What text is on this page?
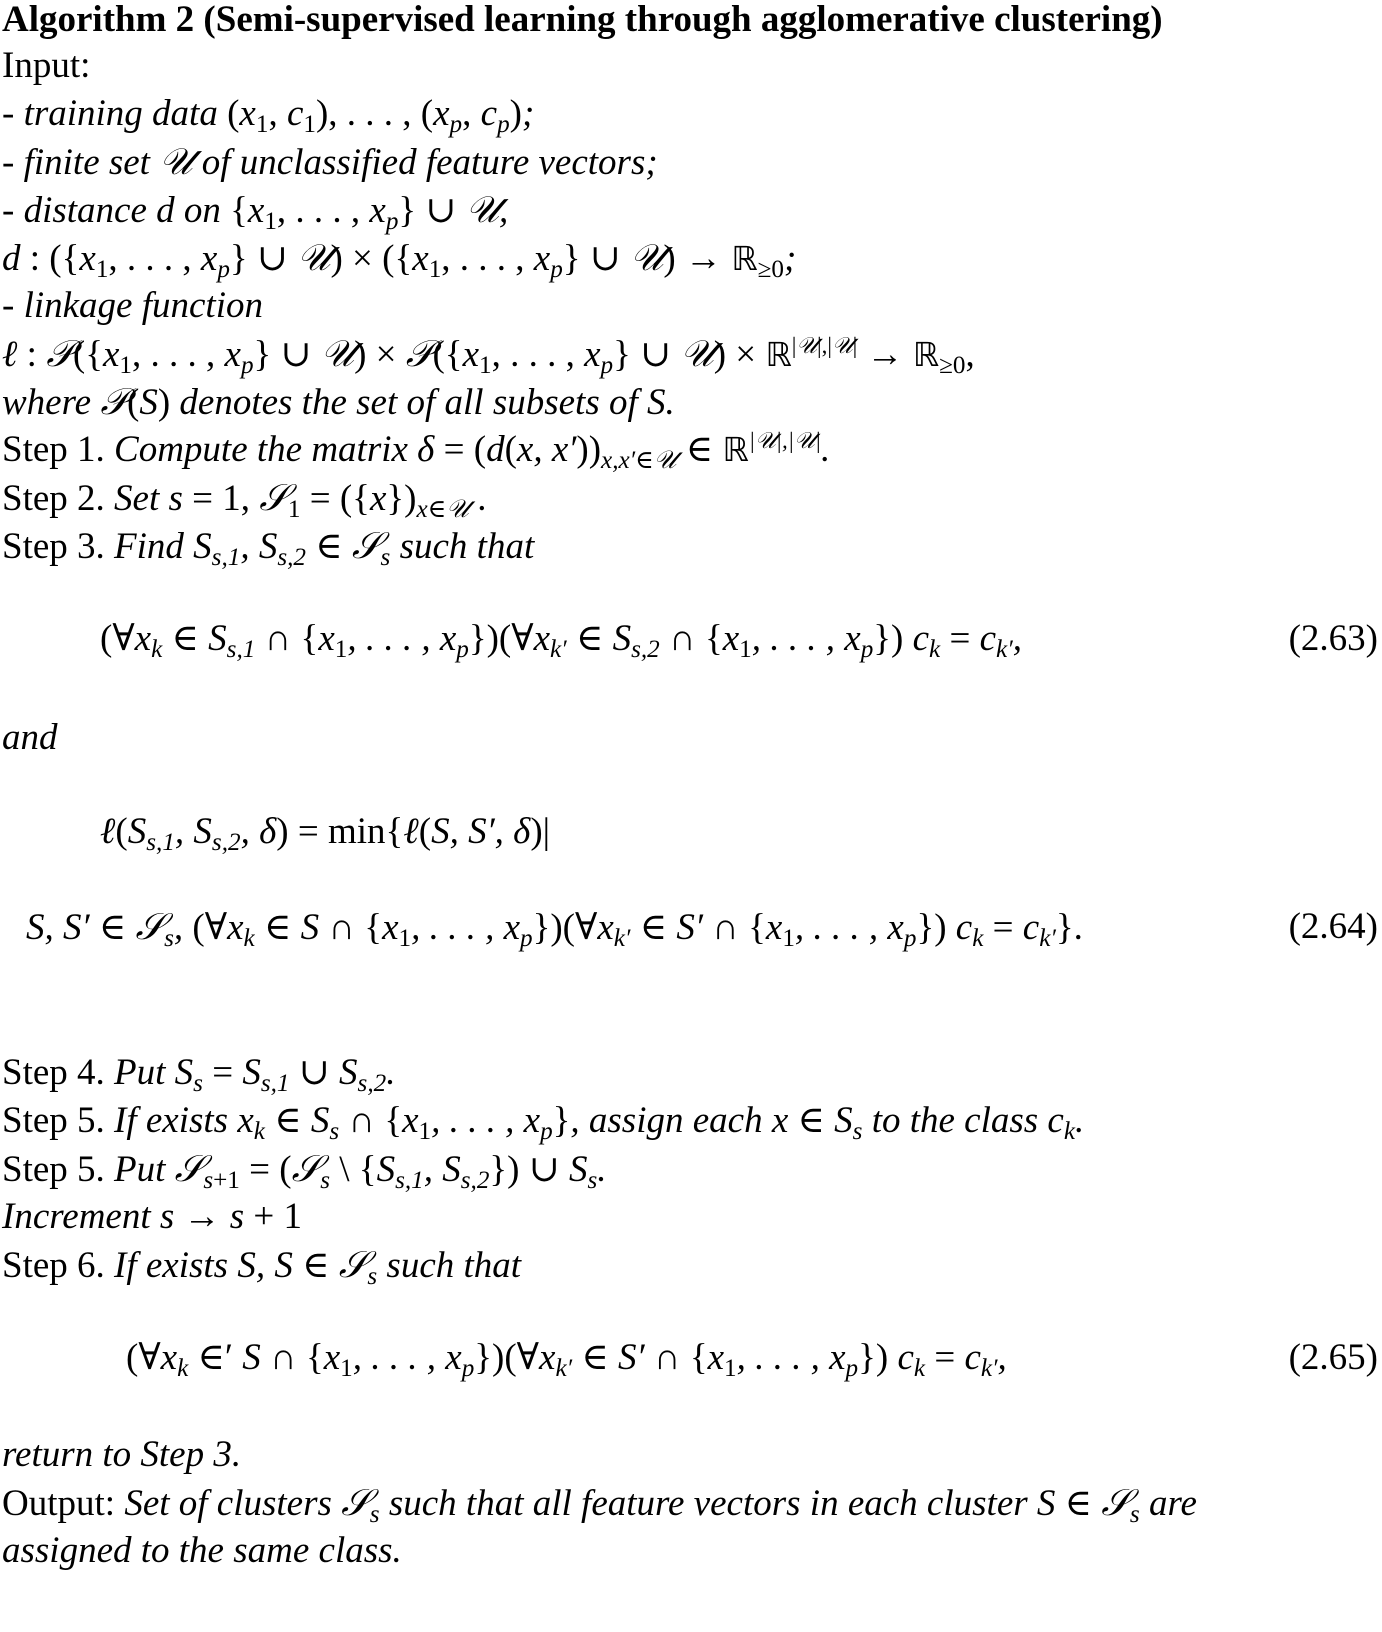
Algorithm 2 (Semi-supervised learning through agglomerative clustering)
Input:
- training data ($x_1$, $c_1$), . . . , ($x_p$, $c_p$);
- finite set 𝒰 of unclassified feature vectors;
- distance d on {$x_1$, . . . , $x_p$} ∪ 𝒰,
d : ({$x_1$, . . . , $x_p$} ∪ 𝒰) × ({$x_1$, . . . , $x_p$} ∪ 𝒰) → ℝ$_{\ge 0}$;
- linkage function
ℓ : $𝒫(\{x_1$, . . . , $x_p$} ∪ 𝒰) × $𝒫(\{x_1$, . . . , $x_p$} ∪ 𝒰) × ℝ$^{|𝒰|,|𝒰|}$ → ℝ$_{\ge 0}$,
where 𝒫(S) denotes the set of all subsets of S.
Step 1. Compute the matrix δ = (d(x, $x'))_{x,x'\in 𝒰}$ ∈ ℝ$^{|𝒰|,|𝒰|}$.
Step 2. Set s = 1, 𝒮$_1$ = $(\{x\})_{x\in 𝒰}$ .
Step 3. Find $S_{s,1}$, $S_{s,2}$ ∈ 𝒮$_s$ such that
($\forall x_k$ ∈ $S_{s,1}$ ∩ {$x_1$, . . . , $x_p\})(\forall x_{k'}$ ∈ $S_{s,2}$ ∩ {$x_1$, . . . , $x_p$}) $c_k = c_{k'}$,	(2.63)
and
$\ell(S_{s,1}$, $S_{s,2}$, δ) = min{ℓ(S, S′, δ)|
S, S′ ∈ 𝒮$_s$, ($\forall x_k$ ∈ S ∩ {$x_1$, . . . , $x_p\})(\forall x_{k'}$ ∈ S′ ∩ {$x_1$, . . . , $x_p$}) $c_k = c_{k'}$}.	(2.64)
Step 4. Put $S_s = S_{s,1}$ ∪ $S_{s,2}$.
Step 5. If exists $x_k$ ∈ $S_s$ ∩ {$x_1$, . . . , $x_p$}, assign each x ∈ $S_s$ to the class $c_k$.
Step 5. Put 𝒮$_{s+1}$ = (𝒮$_s$ \ {$S_{s,1}$, $S_{s,2}$}) ∪ $S_s$.
Increment s → s + 1
Step 6. If exists S, S ∈ 𝒮$_s$ such that
($\forall x_k$ ∈′ S ∩ {$x_1$, . . . , $x_p\})(\forall x_{k'}$ ∈ S′ ∩ {$x_1$, . . . , $x_p$}) $c_k = c_{k'}$,	(2.65)
return to Step 3.
Output: Set of clusters 𝒮$_s$ such that all feature vectors in each cluster S ∈ 𝒮$_s$ are
assigned to the same class.
